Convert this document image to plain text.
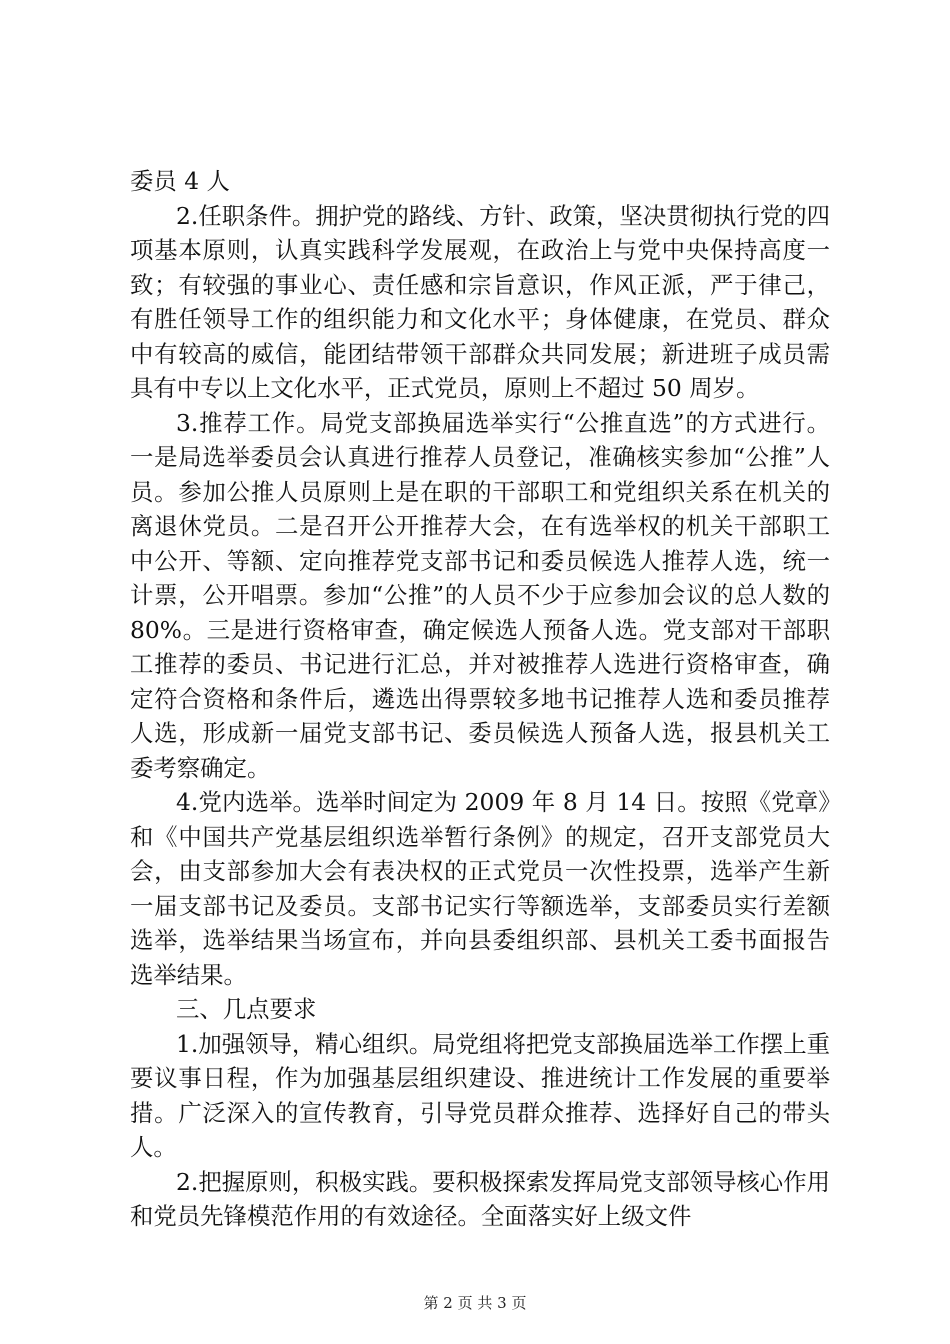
委员 4 人

2.任职条件。拥护党的路线、方针、政策，坚决贯彻执行党的四项基本原则，认真实践科学发展观，在政治上与党中央保持高度一致；有较强的事业心、责任感和宗旨意识，作风正派，严于律己，有胜任领导工作的组织能力和文化水平；身体健康，在党员、群众中有较高的威信，能团结带领干部群众共同发展；新进班子成员需具有中专以上文化水平，正式党员，原则上不超过 50 周岁。

3.推荐工作。局党支部换届选举实行“公推直选”的方式进行。一是局选举委员会认真进行推荐人员登记，准确核实参加“公推”人员。参加公推人员原则上是在职的干部职工和党组织关系在机关的离退休党员。二是召开公开推荐大会，在有选举权的机关干部职工中公开、等额、定向推荐党支部书记和委员候选人推荐人选，统一计票，公开唱票。参加“公推”的人员不少于应参加会议的总人数的 80%。三是进行资格审查，确定候选人预备人选。党支部对干部职工推荐的委员、书记进行汇总，并对被推荐人选进行资格审查，确定符合资格和条件后，遴选出得票较多地书记推荐人选和委员推荐人选，形成新一届党支部书记、委员候选人预备人选，报县机关工委考察确定。

4.党内选举。选举时间定为 2009 年 8 月 14 日。按照《党章》和《中国共产党基层组织选举暂行条例》的规定，召开支部党员大会，由支部参加大会有表决权的正式党员一次性投票，选举产生新一届支部书记及委员。支部书记实行等额选举，支部委员实行差额选举，选举结果当场宣布，并向县委组织部、县机关工委书面报告选举结果。

三、几点要求

1.加强领导，精心组织。局党组将把党支部换届选举工作摆上重要议事日程，作为加强基层组织建设、推进统计工作发展的重要举措。广泛深入的宣传教育，引导党员群众推荐、选择好自己的带头人。

2.把握原则，积极实践。要积极探索发挥局党支部领导核心作用和党员先锋模范作用的有效途径。全面落实好上级文件

第 2 页 共 3 页
